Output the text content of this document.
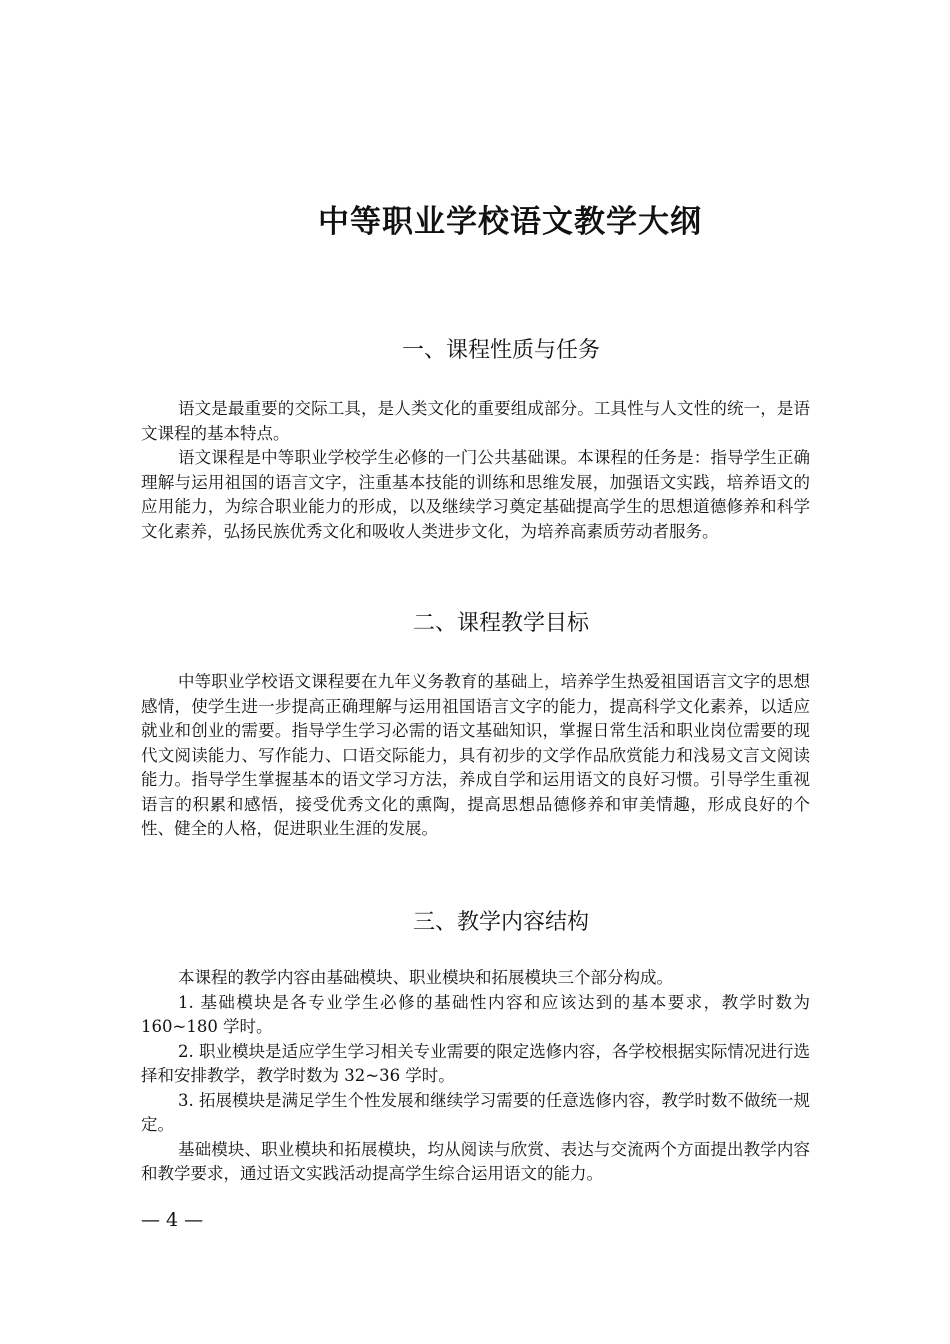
中等职业学校语文教学大纲
一、课程性质与任务

语文是最重要的交际工具，是人类文化的重要组成部分。工具性与人文性的统一，是语文课程的基本特点。

语文课程是中等职业学校学生必修的一门公共基础课。本课程的任务是：指导学生正确理解与运用祖国的语言文字，注重基本技能的训练和思维发展，加强语文实践，培养语文的应用能力，为综合职业能力的形成，以及继续学习奠定基础提高学生的思想道德修养和科学文化素养，弘扬民族优秀文化和吸收人类进步文化，为培养高素质劳动者服务。

二、课程教学目标

中等职业学校语文课程要在九年义务教育的基础上，培养学生热爱祖国语言文字的思想感情，使学生进一步提高正确理解与运用祖国语言文字的能力，提高科学文化素养，以适应就业和创业的需要。指导学生学习必需的语文基础知识，掌握日常生活和职业岗位需要的现代文阅读能力、写作能力、口语交际能力，具有初步的文学作品欣赏能力和浅易文言文阅读能力。指导学生掌握基本的语文学习方法，养成自学和运用语文的良好习惯。引导学生重视语言的积累和感悟，接受优秀文化的熏陶，提高思想品德修养和审美情趣，形成良好的个性、健全的人格，促进职业生涯的发展。

三、教学内容结构

本课程的教学内容由基础模块、职业模块和拓展模块三个部分构成。

1. 基础模块是各专业学生必修的基础性内容和应该达到的基本要求，教学时数为 160~180 学时。

2. 职业模块是适应学生学习相关专业需要的限定选修内容，各学校根据实际情况进行选择和安排教学，教学时数为 32~36 学时。

3. 拓展模块是满足学生个性发展和继续学习需要的任意选修内容，教学时数不做统一规定。

基础模块、职业模块和拓展模块，均从阅读与欣赏、表达与交流两个方面提出教学内容和教学要求，通过语文实践活动提高学生综合运用语文的能力。

— 4 —
